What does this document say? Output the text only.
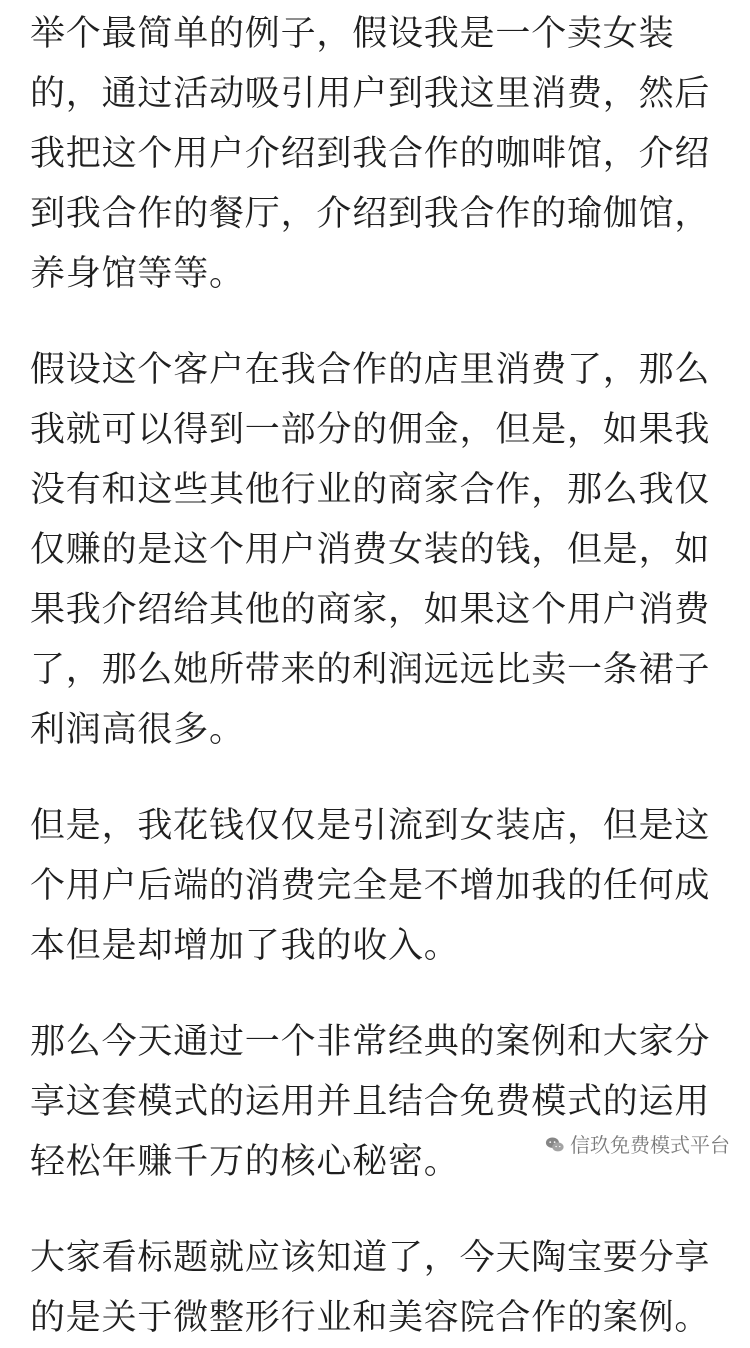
举个最简单的例子，假设我是一个卖女装的，通过活动吸引用户到我这里消费，然后我把这个用户介绍到我合作的咖啡馆，介绍到我合作的餐厅，介绍到我合作的瑜伽馆，养身馆等等。

假设这个客户在我合作的店里消费了，那么我就可以得到一部分的佣金，但是，如果我没有和这些其他行业的商家合作，那么我仅仅赚的是这个用户消费女装的钱，但是，如果我介绍给其他的商家，如果这个用户消费了，那么她所带来的利润远远比卖一条裙子利润高很多。

但是，我花钱仅仅是引流到女装店，但是这个用户后端的消费完全是不增加我的任何成本但是却增加了我的收入。

那么今天通过一个非常经典的案例和大家分享这套模式的运用并且结合免费模式的运用轻松年赚千万的核心秘密。

大家看标题就应该知道了，今天陶宝要分享的是关于微整形行业和美容院合作的案例。

信玖免费模式平台
